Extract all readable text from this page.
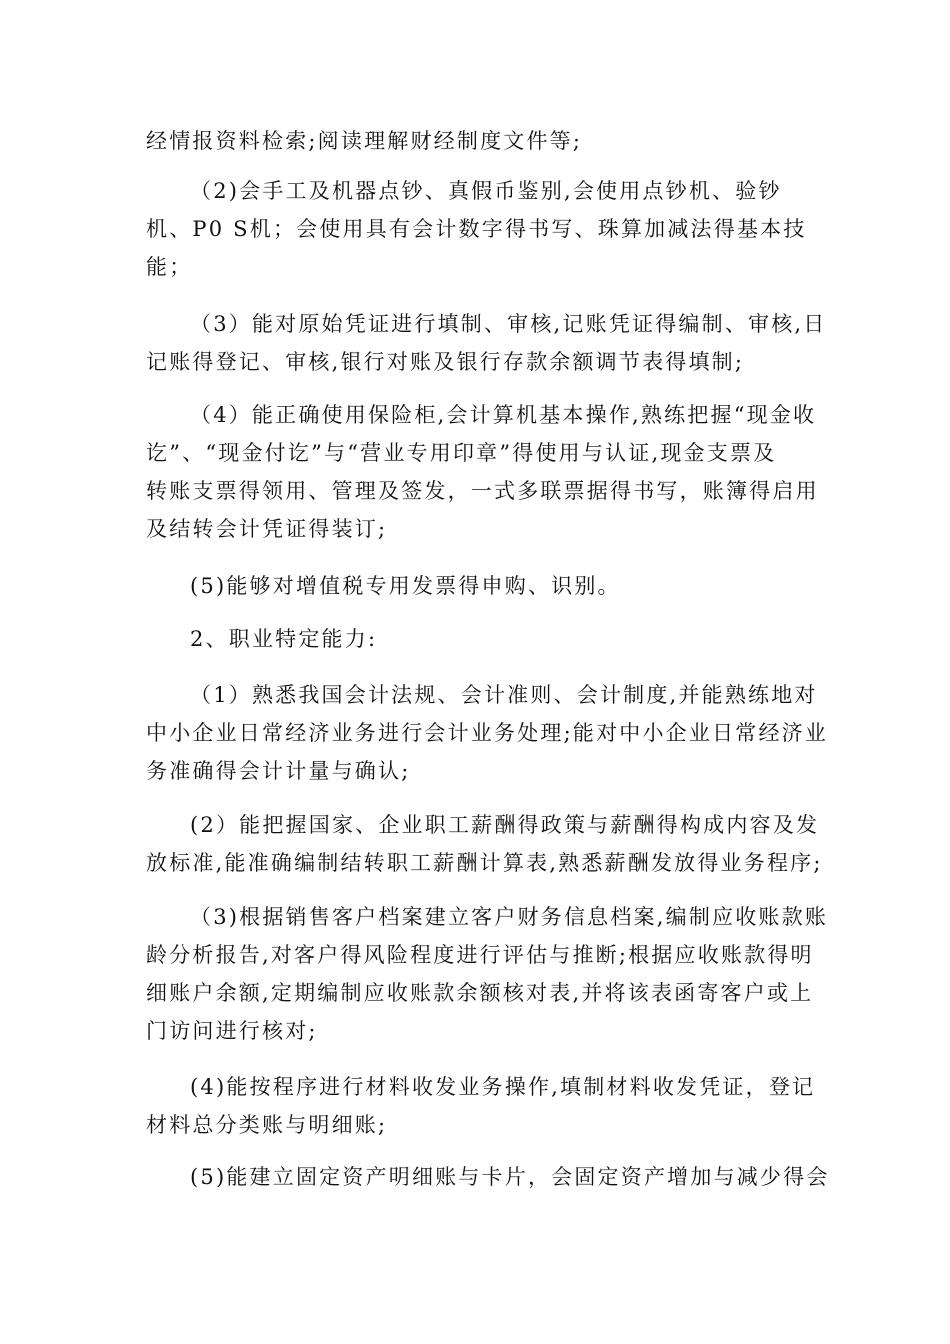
经情报资料检索;阅读理解财经制度文件等;

（2)会手工及机器点钞、真假币鉴别,会使用点钞机、验钞
机、P0 S机；会使用具有会计数字得书写、珠算加减法得基本技
能；

（3）能对原始凭证进行填制、审核,记账凭证得编制、审核,日
记账得登记、审核,银行对账及银行存款余额调节表得填制;

（4）能正确使用保险柜,会计算机基本操作,熟练把握“现金收
讫”、“现金付讫”与“营业专用印章”得使用与认证,现金支票及
转账支票得领用、管理及签发，一式多联票据得书写，账簿得启用
及结转会计凭证得装订;

(5)能够对增值税专用发票得申购、识别。

2、职业特定能力:

（1）熟悉我国会计法规、会计准则、会计制度,并能熟练地对
中小企业日常经济业务进行会计业务处理;能对中小企业日常经济业
务准确得会计计量与确认;

(2）能把握国家、企业职工薪酬得政策与薪酬得构成内容及发
放标准,能准确编制结转职工薪酬计算表,熟悉薪酬发放得业务程序;

（3)根据销售客户档案建立客户财务信息档案,编制应收账款账
龄分析报告,对客户得风险程度进行评估与推断;根据应收账款得明
细账户余额,定期编制应收账款余额核对表,并将该表函寄客户或上
门访问进行核对;

(4)能按程序进行材料收发业务操作,填制材料收发凭证，登记
材料总分类账与明细账;

(5)能建立固定资产明细账与卡片，会固定资产增加与减少得会
